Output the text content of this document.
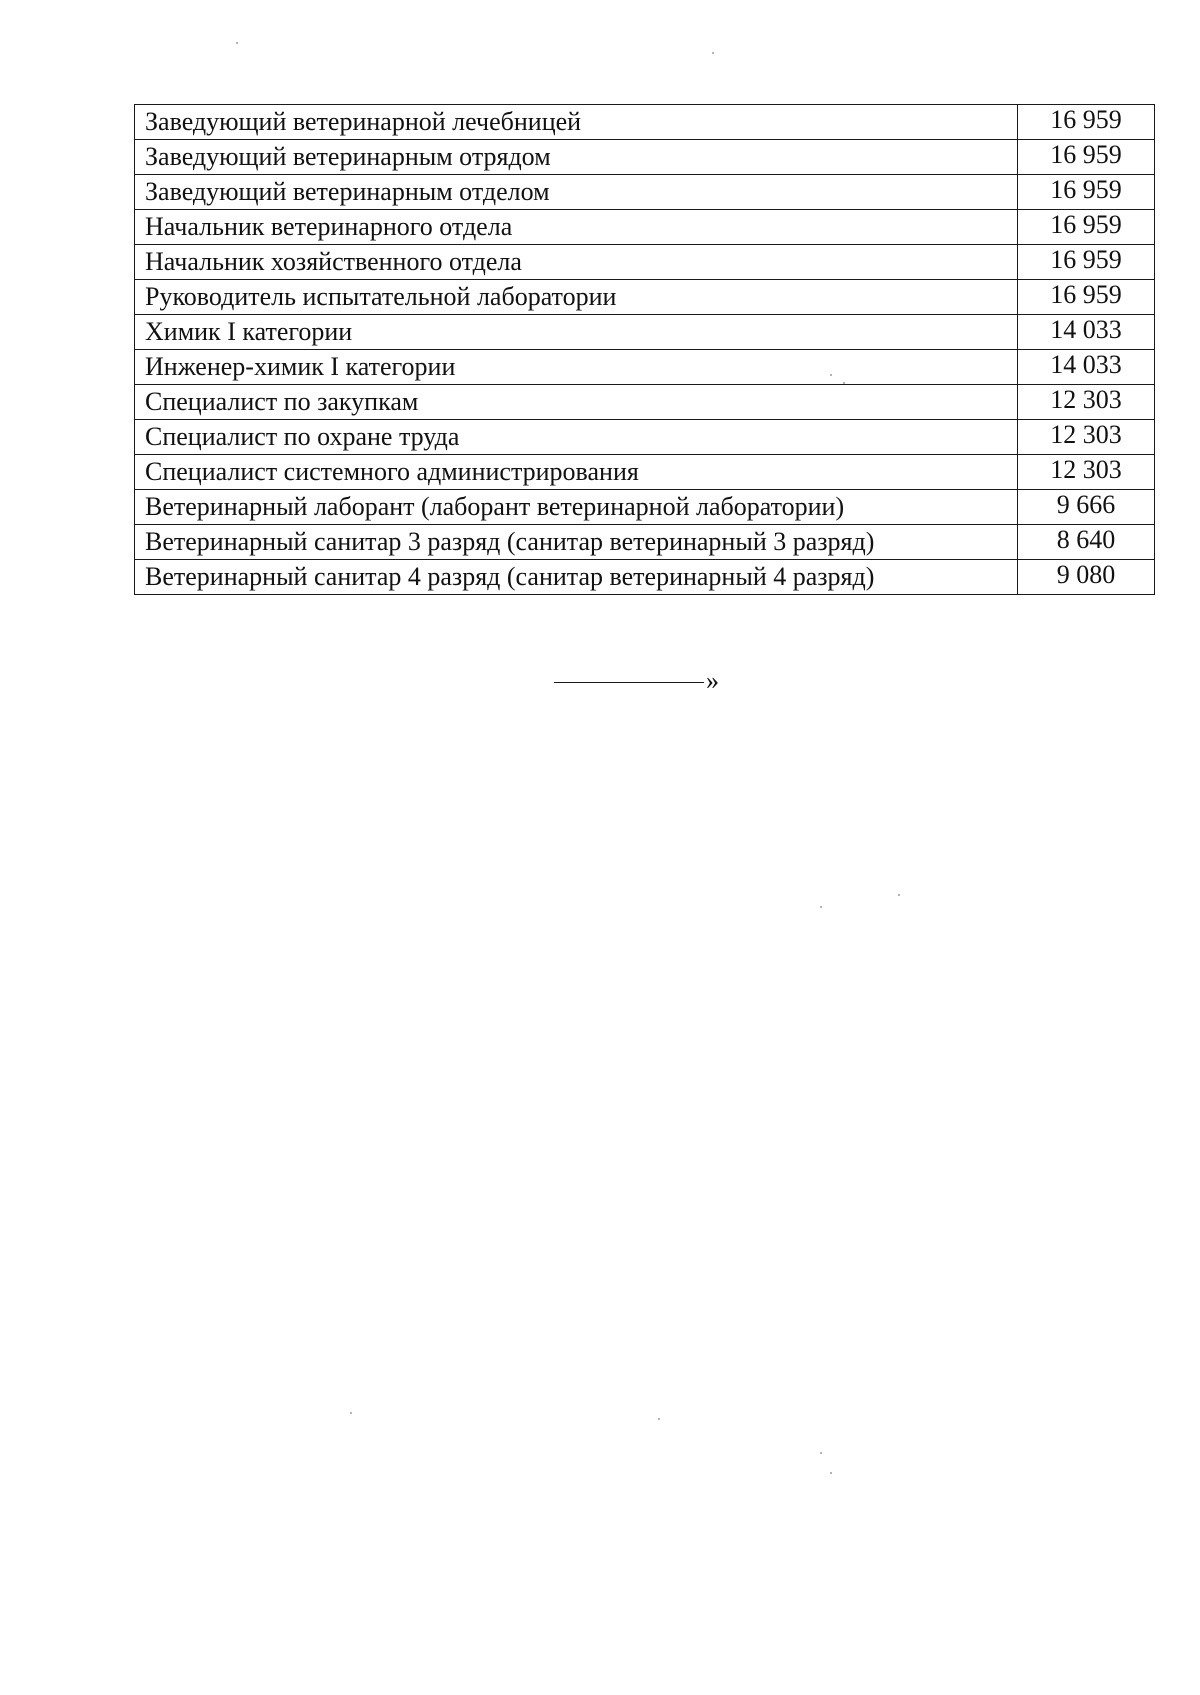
Заведующий ветеринарной лечебницей	16 959
Заведующий ветеринарным отрядом	16 959
Заведующий ветеринарным отделом	16 959
Начальник ветеринарного отдела	16 959
Начальник хозяйственного отдела	16 959
Руководитель испытательной лаборатории	16 959
Химик I категории	14 033
Инженер-химик I категории	14 033
Специалист по закупкам	12 303
Специалист по охране труда	12 303
Специалист системного администрирования	12 303
Ветеринарный лаборант (лаборант ветеринарной лаборатории)	9 666
Ветеринарный санитар 3 разряд (санитар ветеринарный 3 разряд)	8 640
Ветеринарный санитар 4 разряд (санитар ветеринарный 4 разряд)	9 080
»
